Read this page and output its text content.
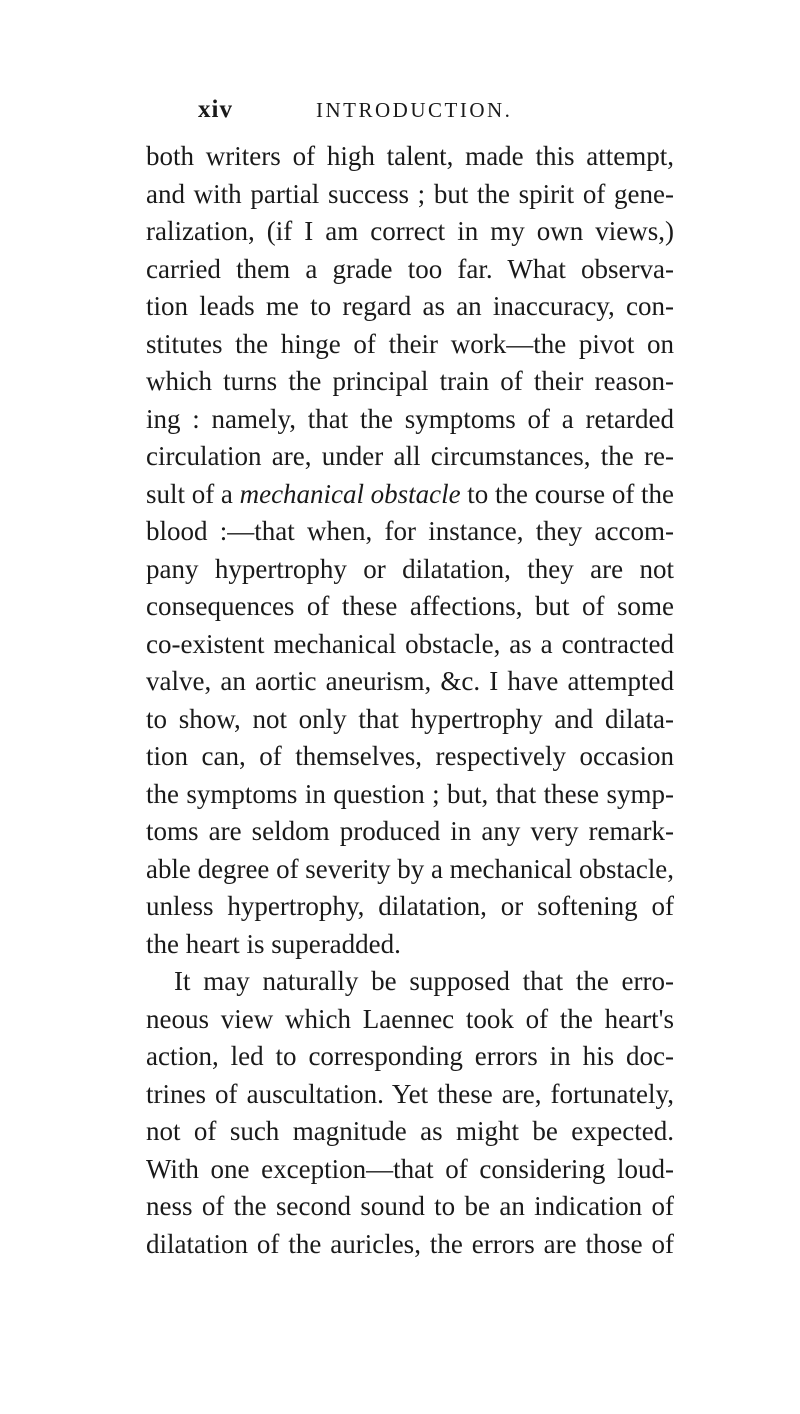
xiv	INTRODUCTION.
both writers of high talent, made this attempt,
and with partial success ; but the spirit of gene-
ralization, (if I am correct in my own views,)
carried them a grade too far. What observa-
tion leads me to regard as an inaccuracy, con-
stitutes the hinge of their work—the pivot on
which turns the principal train of their reason-
ing : namely, that the symptoms of a retarded
circulation are, under all circumstances, the re-
sult of a mechanical obstacle to the course of the
blood :—that when, for instance, they accom-
pany hypertrophy or dilatation, they are not
consequences of these affections, but of some
co-existent mechanical obstacle, as a contracted
valve, an aortic aneurism, &c. I have attempted
to show, not only that hypertrophy and dilata-
tion can, of themselves, respectively occasion
the symptoms in question ; but, that these symp-
toms are seldom produced in any very remark-
able degree of severity by a mechanical obstacle,
unless hypertrophy, dilatation, or softening of
the heart is superadded.
It may naturally be supposed that the erro-
neous view which Laennec took of the heart's
action, led to corresponding errors in his doc-
trines of auscultation. Yet these are, fortunately,
not of such magnitude as might be expected.
With one exception—that of considering loud-
ness of the second sound to be an indication of
dilatation of the auricles, the errors are those of
